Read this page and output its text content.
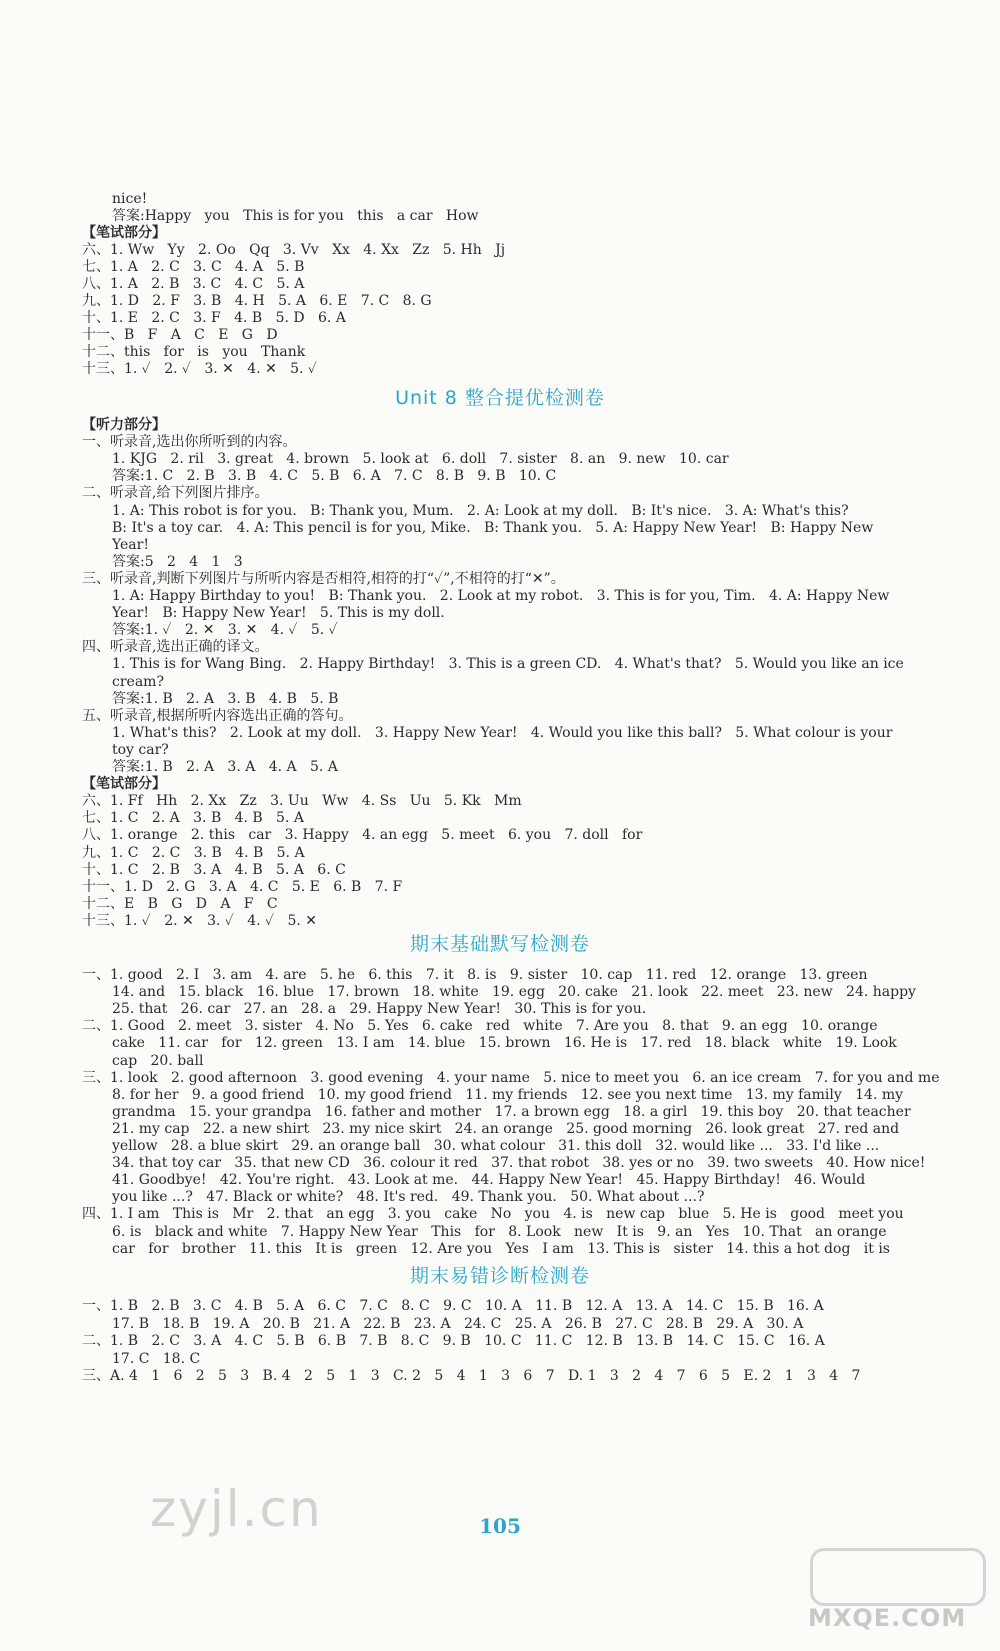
nice!
答案:Happy   you   This is for you   this   a car   How
【笔试部分】
六、1. Ww   Yy   2. Oo   Qq   3. Vv   Xx   4. Xx   Zz   5. Hh   Jj
七、1. A   2. C   3. C   4. A   5. B
八、1. A   2. B   3. C   4. C   5. A
九、1. D   2. F   3. B   4. H   5. A   6. E   7. C   8. G
十、1. E   2. C   3. F   4. B   5. D   6. A
十一、B   F   A   C   E   G   D
十二、this   for   is   you   Thank
十三、1. ✓   2. ✓   3. ✕   4. ✕   5. ✓
Unit 8 整合提优检测卷
【听力部分】
一、听录音,选出你所听到的内容。
1. KJG   2. ril   3. great   4. brown   5. look at   6. doll   7. sister   8. an   9. new   10. car
答案:1. C   2. B   3. B   4. C   5. B   6. A   7. C   8. B   9. B   10. C
二、听录音,给下列图片排序。
1. A: This robot is for you.   B: Thank you, Mum.   2. A: Look at my doll.   B: It's nice.   3. A: What's this?
B: It's a toy car.   4. A: This pencil is for you, Mike.   B: Thank you.   5. A: Happy New Year!   B: Happy New
Year!
答案:5   2   4   1   3
三、听录音,判断下列图片与所听内容是否相符,相符的打“✓”,不相符的打“✕”。
1. A: Happy Birthday to you!   B: Thank you.   2. Look at my robot.   3. This is for you, Tim.   4. A: Happy New
Year!   B: Happy New Year!   5. This is my doll.
答案:1. ✓   2. ✕   3. ✕   4. ✓   5. ✓
四、听录音,选出正确的译文。
1. This is for Wang Bing.   2. Happy Birthday!   3. This is a green CD.   4. What's that?   5. Would you like an ice
cream?
答案:1. B   2. A   3. B   4. B   5. B
五、听录音,根据所听内容选出正确的答句。
1. What's this?   2. Look at my doll.   3. Happy New Year!   4. Would you like this ball?   5. What colour is your
toy car?
答案:1. B   2. A   3. A   4. A   5. A
【笔试部分】
六、1. Ff   Hh   2. Xx   Zz   3. Uu   Ww   4. Ss   Uu   5. Kk   Mm
七、1. C   2. A   3. B   4. B   5. A
八、1. orange   2. this   car   3. Happy   4. an egg   5. meet   6. you   7. doll   for
九、1. C   2. C   3. B   4. B   5. A
十、1. C   2. B   3. A   4. B   5. A   6. C
十一、1. D   2. G   3. A   4. C   5. E   6. B   7. F
十二、E   B   G   D   A   F   C
十三、1. ✓   2. ✕   3. ✓   4. ✓   5. ✕
期末基础默写检测卷
一、1. good   2. I   3. am   4. are   5. he   6. this   7. it   8. is   9. sister   10. cap   11. red   12. orange   13. green
14. and   15. black   16. blue   17. brown   18. white   19. egg   20. cake   21. look   22. meet   23. new   24. happy
25. that   26. car   27. an   28. a   29. Happy New Year!   30. This is for you.
二、1. Good   2. meet   3. sister   4. No   5. Yes   6. cake   red   white   7. Are you   8. that   9. an egg   10. orange
cake   11. car   for   12. green   13. I am   14. blue   15. brown   16. He is   17. red   18. black   white   19. Look
cap   20. ball
三、1. look   2. good afternoon   3. good evening   4. your name   5. nice to meet you   6. an ice cream   7. for you and me
8. for her   9. a good friend   10. my good friend   11. my friends   12. see you next time   13. my family   14. my
grandma   15. your grandpa   16. father and mother   17. a brown egg   18. a girl   19. this boy   20. that teacher
21. my cap   22. a new shirt   23. my nice skirt   24. an orange   25. good morning   26. look great   27. red and
yellow   28. a blue skirt   29. an orange ball   30. what colour   31. this doll   32. would like ...   33. I'd like ...
34. that toy car   35. that new CD   36. colour it red   37. that robot   38. yes or no   39. two sweets   40. How nice!
41. Goodbye!   42. You're right.   43. Look at me.   44. Happy New Year!   45. Happy Birthday!   46. Would
you like ...?   47. Black or white?   48. It's red.   49. Thank you.   50. What about ...?
四、1. I am   This is   Mr   2. that   an egg   3. you   cake   No   you   4. is   new cap   blue   5. He is   good   meet you
6. is   black and white   7. Happy New Year   This   for   8. Look   new   It is   9. an   Yes   10. That   an orange
car   for   brother   11. this   It is   green   12. Are you   Yes   I am   13. This is   sister   14. this a hot dog   it is
期末易错诊断检测卷
一、1. B   2. B   3. C   4. B   5. A   6. C   7. C   8. C   9. C   10. A   11. B   12. A   13. A   14. C   15. B   16. A
17. B   18. B   19. A   20. B   21. A   22. B   23. A   24. C   25. A   26. B   27. C   28. B   29. A   30. A
二、1. B   2. C   3. A   4. C   5. B   6. B   7. B   8. C   9. B   10. C   11. C   12. B   13. B   14. C   15. C   16. A
17. C   18. C
三、A. 4   1   6   2   5   3   B. 4   2   5   1   3   C. 2   5   4   1   3   6   7   D. 1   3   2   4   7   6   5   E. 2   1   3   4   7
105
zyjl.cn
MXQE.COM
